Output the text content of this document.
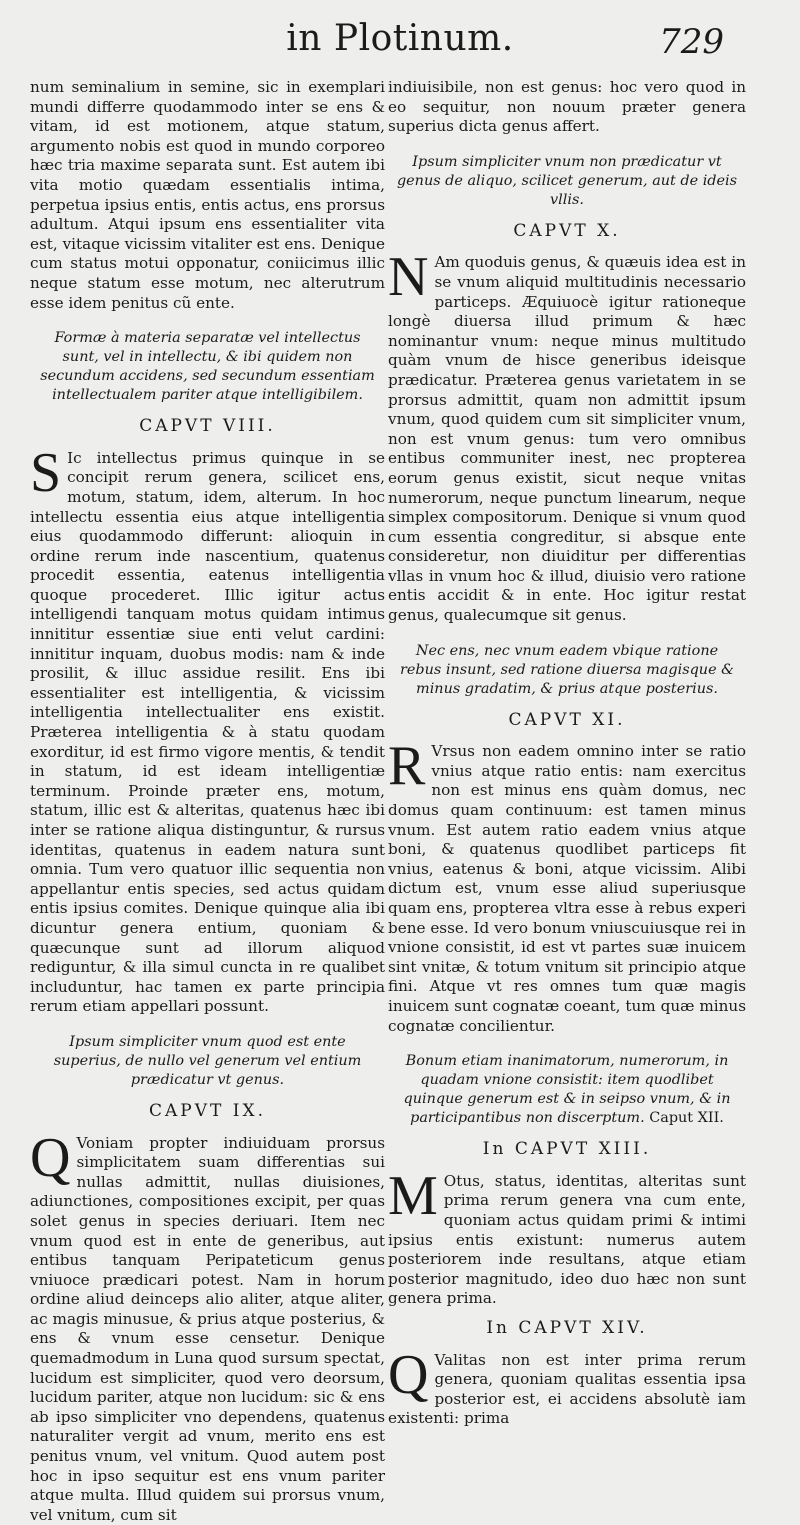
in Plotinum.	729

num seminalium in semine, sic in exemplari mundi differre quodammodo inter se ens & vitam, id est motionem, atque statum, argumento nobis est quod in mundo corporeo hæc tria maxime separata sunt. Est autem ibi vita motio quædam essentialis intima, perpetua ipsius entis, entis actus, ens prorsus adultum. Atqui ipsum ens essentialiter vita est, vitaque vicissim vitaliter est ens. Denique cum status motui opponatur, coniicimus illic neque statum esse motum, nec alterutrum esse idem penitus cũ ente.

Formæ à materia separatæ vel intellectus sunt, vel in intellectu, & ibi quidem non secundum accidens, sed secundum essentiam intellectualem pariter atque intelligibilem.
CAPVT VIII.

S Ic intellectus primus quinque in se concipit rerum genera, scilicet ens, motum, statum, idem, alterum. In hoc intellectu essentia eius atque intelligentia eius quodammodo differunt: alioquin in ordine rerum inde nascentium, quatenus procedit essentia, eatenus intelligentia quoque procederet. Illic igitur actus intelligendi tanquam motus quidam intimus innititur essentiæ siue enti velut cardini: innititur inquam, duobus modis: nam & inde prosilit, & illuc assidue resilit. Ens ibi essentialiter est intelligentia, & vicissim intelligentia intellectualiter ens existit. Præterea intelligentia & à statu quodam exorditur, id est firmo vigore mentis, & tendit in statum, id est ideam intelligentiæ terminum. Proinde præter ens, motum, statum, illic est & alteritas, quatenus hæc ibi inter se ratione aliqua distinguntur, & rursus identitas, quatenus in eadem natura sunt omnia. Tum vero quatuor illic sequentia non appellantur entis species, sed actus quidam entis ipsius comites. Denique quinque alia ibi dicuntur genera entium, quoniam & quæcunque sunt ad illorum aliquod rediguntur, & illa simul cuncta in re qualibet includuntur, hac tamen ex parte principia rerum etiam appellari possunt.

Ipsum simpliciter vnum quod est ente superius, de nullo vel generum vel entium prædicatur vt genus.
CAPVT IX.

Q Voniam propter indiuiduam prorsus simplicitatem suam differentias sui nullas admittit, nullas diuisiones, adiunctiones, compositiones excipit, per quas solet genus in species deriuari. Item nec vnum quod est in ente de generibus, aut entibus tanquam Peripateticum genus vniuoce prædicari potest. Nam in horum ordine aliud deinceps alio aliter, atque aliter, ac magis minusue, & prius atque posterius, & ens & vnum esse censetur. Denique quemadmodum in Luna quod sursum spectat, lucidum est simpliciter, quod vero deorsum, lucidum pariter, atque non lucidum: sic & ens ab ipso simpliciter vno dependens, quatenus naturaliter vergit ad vnum, merito ens est penitus vnum, vel vnitum. Quod autem post hoc in ipso sequitur est ens vnum pariter atque multa. Illud quidem sui prorsus vnum, vel vnitum, cum sit

indiuisibile, non est genus: hoc vero quod in eo sequitur, non nouum præter genera superius dicta genus affert.

Ipsum simpliciter vnum non prædicatur vt genus de aliquo, scilicet generum, aut de ideis vllis.
CAPVT X.

N Am quoduis genus, & quæuis idea est in se vnum aliquid multitudinis necessario particeps. Æquiuocè igitur rationeque longè diuersa illud primum & hæc nominantur vnum: neque minus multitudo quàm vnum de hisce generibus ideisque prædicatur. Præterea genus varietatem in se prorsus admittit, quam non admittit ipsum vnum, quod quidem cum sit simpliciter vnum, non est vnum genus: tum vero omnibus entibus communiter inest, nec propterea eorum genus existit, sicut neque vnitas numerorum, neque punctum linearum, neque simplex compositorum. Denique si vnum quod cum essentia congreditur, si absque ente consideretur, non diuiditur per differentias vllas in vnum hoc & illud, diuisio vero ratione entis accidit & in ente. Hoc igitur restat genus, qualecumque sit genus.

Nec ens, nec vnum eadem vbique ratione rebus insunt, sed ratione diuersa magisque & minus gradatim, & prius atque posterius.
CAPVT XI.

R Vrsus non eadem omnino inter se ratio vnius atque ratio entis: nam exercitus non est minus ens quàm domus, nec domus quam continuum: est tamen minus vnum. Est autem ratio eadem vnius atque boni, & quatenus quodlibet particeps fit vnius, eatenus & boni, atque vicissim. Alibi dictum est, vnum esse aliud superiusque quam ens, propterea vltra esse à rebus experi bene esse. Id vero bonum vniuscuiusque rei in vnione consistit, id est vt partes suæ inuicem sint vnitæ, & totum vnitum sit principio atque fini. Atque vt res omnes tum quæ magis inuicem sunt cognatæ coeant, tum quæ minus cognatæ concilientur.

Bonum etiam inanimatorum, numerorum, in quadam vnione consistit: item quodlibet quinque generum est & in seipso vnum, & in participantibus non discerptum. Caput XII.
In CAPVT XIII.

M Otus, status, identitas, alteritas sunt prima rerum genera vna cum ente, quoniam actus quidam primi & intimi ipsius entis existunt: numerus autem posteriorem inde resultans, atque etiam posterior magnitudo, ideo duo hæc non sunt genera prima.

In CAPVT XIV.

Q Valitas non est inter prima rerum genera, quoniam qualitas essentia ipsa posterior est, ei accidens absolutè iam existenti: prima
